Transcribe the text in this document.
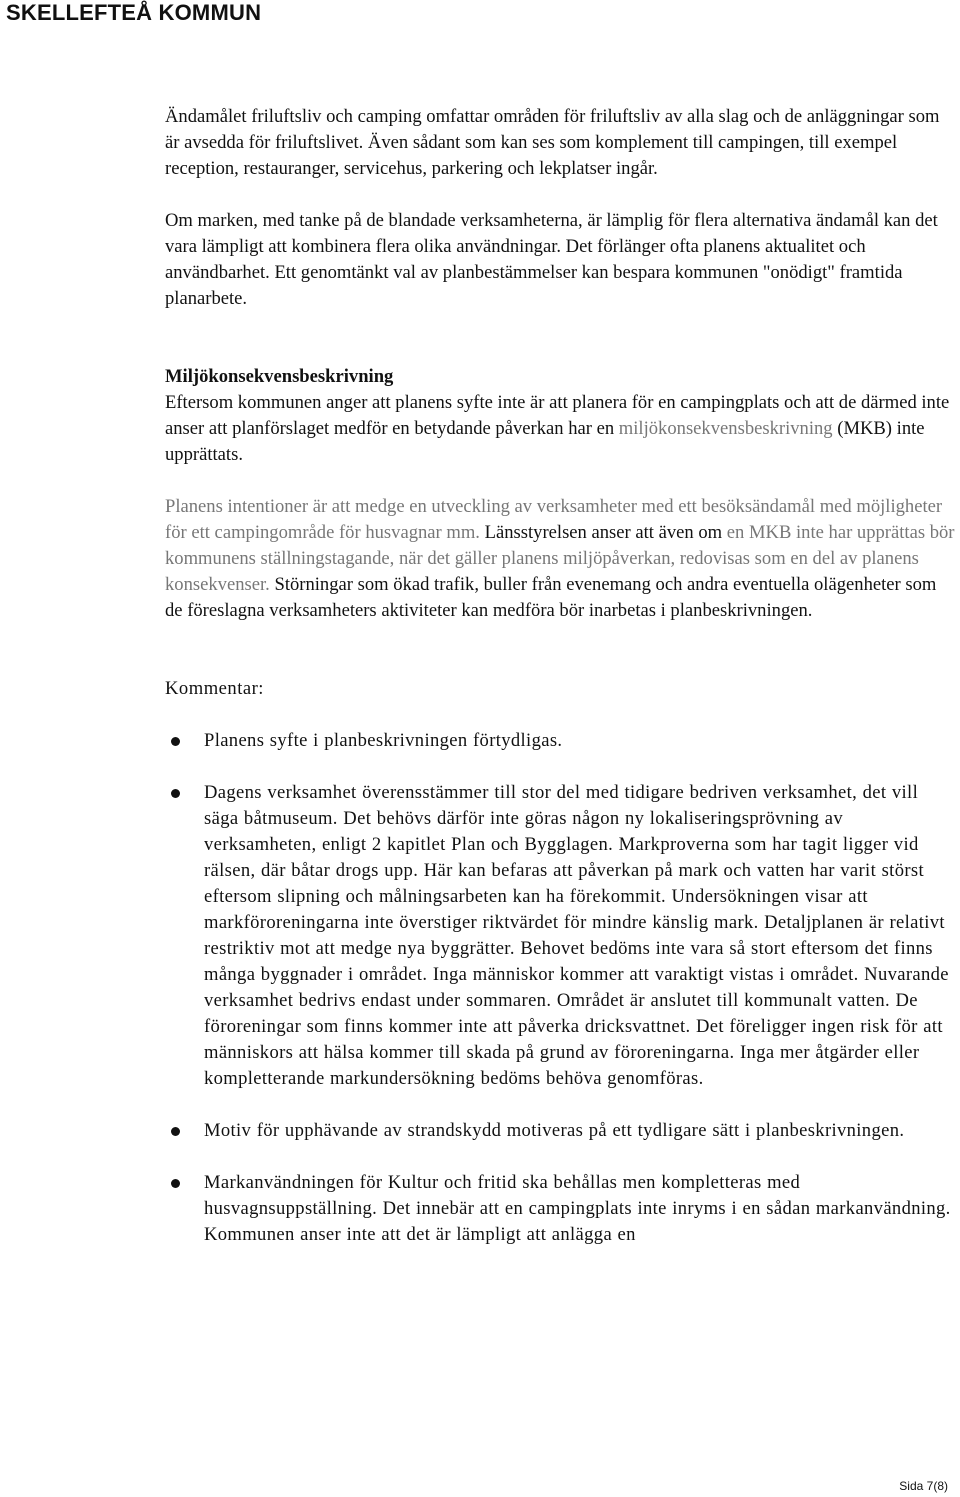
SKELLEFTEÅ KOMMUN

Ändamålet friluftsliv och camping omfattar områden för friluftsliv av alla slag och de anläggningar som är avsedda för friluftslivet. Även sådant som kan ses som komplement till campingen, till exempel reception, restauranger, servicehus, parkering och lekplatser ingår.

Om marken, med tanke på de blandade verksamheterna, är lämplig för flera alternativa ändamål kan det vara lämpligt att kombinera flera olika användningar. Det förlänger ofta planens aktualitet och användbarhet. Ett genomtänkt val av planbestämmelser kan bespara kommunen "onödigt" framtida planarbete.

Miljökonsekvensbeskrivning

Eftersom kommunen anger att planens syfte inte är att planera för en campingplats och att de därmed inte anser att planförslaget medför en betydande påverkan har en miljökonsekvensbeskrivning (MKB) inte upprättats.

Planens intentioner är att medge en utveckling av verksamheter med ett besöksändamål med möjligheter för ett campingområde för husvagnar mm. Länsstyrelsen anser att även om en MKB inte har upprättas bör kommunens ställningstagande, när det gäller planens miljöpåverkan, redovisas som en del av planens konsekvenser. Störningar som ökad trafik, buller från evenemang och andra eventuella olägenheter som de föreslagna verksamheters aktiviteter kan medföra bör inarbetas i planbeskrivningen.

Kommentar:

Planens syfte i planbeskrivningen förtydligas.
Dagens verksamhet överensstämmer till stor del med tidigare bedriven verksamhet, det vill säga båtmuseum. Det behövs därför inte göras någon ny lokaliseringsprövning av verksamheten, enligt 2 kapitlet Plan och Bygglagen. Markproverna som har tagit ligger vid rälsen, där båtar drogs upp. Här kan befaras att påverkan på mark och vatten har varit störst eftersom slipning och målningsarbeten kan ha förekommit. Undersökningen visar att markföroreningarna inte överstiger riktvärdet för mindre känslig mark. Detaljplanen är relativt restriktiv mot att medge nya byggrätter. Behovet bedöms inte vara så stort eftersom det finns många byggnader i området. Inga människor kommer att varaktigt vistas i området. Nuvarande verksamhet bedrivs endast under sommaren. Området är anslutet till kommunalt vatten. De föroreningar som finns kommer inte att påverka dricksvattnet. Det föreligger ingen risk för att människors att hälsa kommer till skada på grund av föroreningarna. Inga mer åtgärder eller kompletterande markundersökning bedöms behöva genomföras.
Motiv för upphävande av strandskydd motiveras på ett tydligare sätt i planbeskrivningen.
Markanvändningen för Kultur och fritid ska behållas men kompletteras med husvagnsuppställning. Det innebär att en campingplats inte inryms i en sådan markanvändning. Kommunen anser inte att det är lämpligt att anlägga en
Sida 7(8)
